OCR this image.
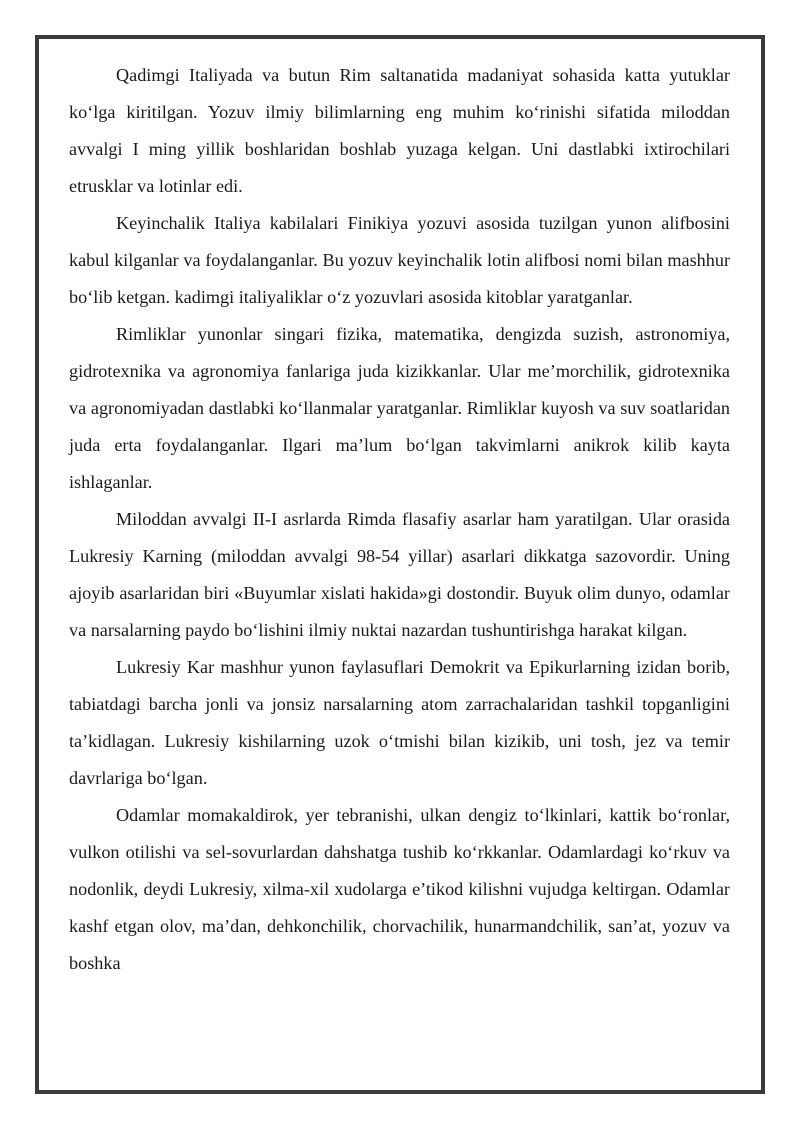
Qadimgi Italiyada va butun Rim saltanatida madaniyat sohasida katta yutuklar ko‘lga kiritilgan. Yozuv ilmiy bilimlarning eng muhim ko‘rinishi sifatida miloddan avvalgi I ming yillik boshlaridan boshlab yuzaga kelgan. Uni dastlabki ixtirochilari etrusklar va lotinlar edi.

Keyinchalik Italiya kabilalari Finikiya yozuvi asosida tuzilgan yunon alifbosini kabul kilganlar va foydalanganlar. Bu yozuv keyinchalik lotin alifbosi nomi bilan mashhur bo‘lib ketgan. kadimgi italiyaliklar o‘z yozuvlari asosida kitoblar yaratganlar.

Rimliklar yunonlar singari fizika, matematika, dengizda suzish, astronomiya, gidrotexnika va agronomiya fanlariga juda kizikkanlar. Ular me’morchilik, gidrotexnika va agronomiyadan dastlabki ko‘llanmalar yaratganlar. Rimliklar kuyosh va suv soatlaridan juda erta foydalanganlar. Ilgari ma’lum bo‘lgan takvimlarni anikrok kilib kayta ishlaganlar.

Miloddan avvalgi II-I asrlarda Rimda flasafiy asarlar ham yaratilgan. Ular orasida Lukresiy Karning (miloddan avvalgi 98-54 yillar) asarlari dikkatga sazovordir. Uning ajoyib asarlaridan biri «Buyumlar xislati hakida»gi dostondir. Buyuk olim dunyo, odamlar va narsalarning paydo bo‘lishini ilmiy nuktai nazardan tushuntirishga harakat kilgan.

Lukresiy Kar mashhur yunon faylasuflari Demokrit va Epikurlarning izidan borib, tabiatdagi barcha jonli va jonsiz narsalarning atom zarrachalaridan tashkil topganligini ta’kidlagan. Lukresiy kishilarning uzok o‘tmishi bilan kizikib, uni tosh, jez va temir davrlariga bo‘lgan.

Odamlar momakaldirok, yer tebranishi, ulkan dengiz to‘lkinlari, kattik bo‘ronlar, vulkon otilishi va sel-sovurlardan dahshatga tushib ko‘rkkanlar. Odamlardagi ko‘rkuv va nodonlik, deydi Lukresiy, xilma-xil xudolarga e’tikod kilishni vujudga keltirgan. Odamlar kashf etgan olov, ma’dan, dehkonchilik, chorvachilik, hunarmandchilik, san’at, yozuv va boshka
